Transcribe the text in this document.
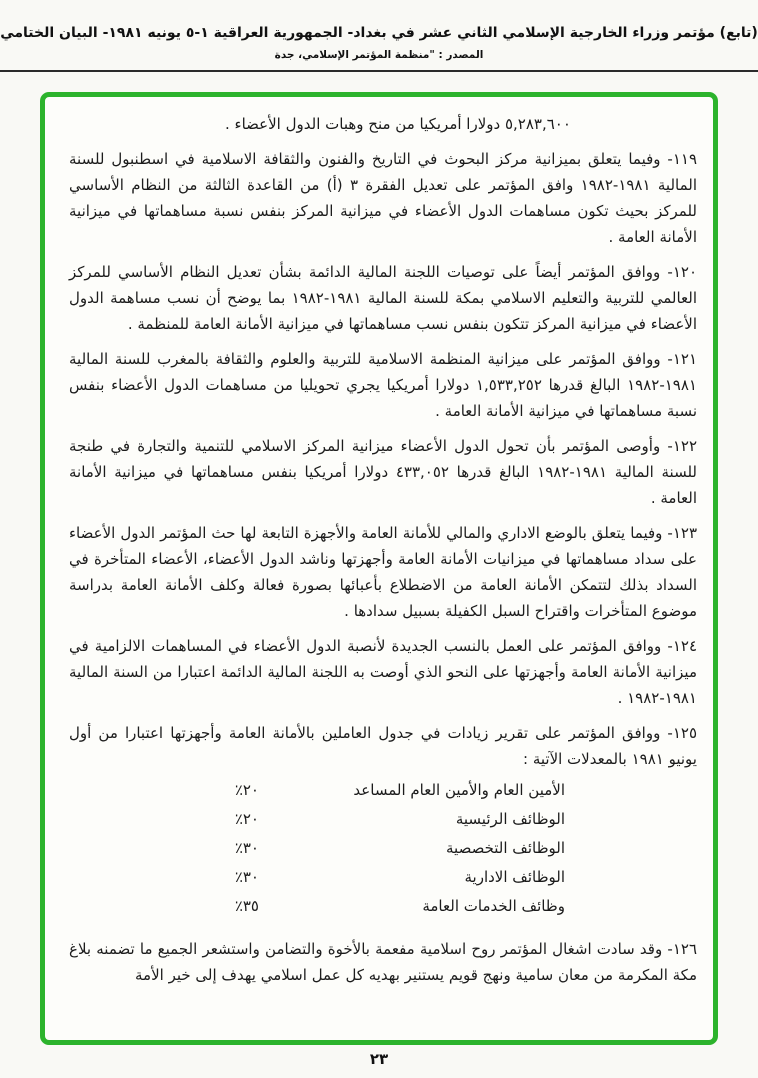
(تابع) مؤتمر وزراء الخارجية الإسلامي الثاني عشر في بغداد- الجمهورية العراقية ١-٥ يونيه ١٩٨١- البيان الختامي
المصدر : "منظمة المؤتمر الإسلامي، جدة

٥,٢٨٣,٦٠٠ دولارا أمريكيا من منح وهبات الدول الأعضاء .

١١٩- وفيما يتعلق بميزانية مركز البحوث في التاريخ والفنون والثقافة الاسلامية في اسطنبول للسنة المالية ١٩٨١-١٩٨٢ وافق المؤتمر على تعديل الفقرة ٣ (أ) من القاعدة الثالثة من النظام الأساسي للمركز بحيث تكون مساهمات الدول الأعضاء في ميزانية المركز بنفس نسبة مساهماتها في ميزانية الأمانة العامة .

١٢٠- ووافق المؤتمر أيضاً على توصيات اللجنة المالية الدائمة بشأن تعديل النظام الأساسي للمركز العالمي للتربية والتعليم الاسلامي بمكة للسنة المالية ١٩٨١-١٩٨٢ بما يوضح أن نسب مساهمة الدول الأعضاء في ميزانية المركز تتكون بنفس نسب مساهماتها في ميزانية الأمانة العامة للمنظمة .

١٢١- ووافق المؤتمر على ميزانية المنظمة الاسلامية للتربية والعلوم والثقافة بالمغرب للسنة المالية ١٩٨١-١٩٨٢ البالغ قدرها ١,٥٣٣,٢٥٢ دولارا أمريكيا يجري تحويليا من مساهمات الدول الأعضاء بنفس نسبة مساهماتها في ميزانية الأمانة العامة .

١٢٢- وأوصى المؤتمر بأن تحول الدول الأعضاء ميزانية المركز الاسلامي للتنمية والتجارة في طنجة للسنة المالية ١٩٨١-١٩٨٢ البالغ قدرها ٤٣٣,٠٥٢ دولارا أمريكيا بنفس مساهماتها في ميزانية الأمانة العامة .

١٢٣- وفيما يتعلق بالوضع الاداري والمالي للأمانة العامة والأجهزة التابعة لها حث المؤتمر الدول الأعضاء على سداد مساهماتها في ميزانيات الأمانة العامة وأجهزتها وناشد الدول الأعضاء، الأعضاء المتأخرة في السداد بذلك لتتمكن الأمانة العامة من الاضطلاع بأعبائها بصورة فعالة وكلف الأمانة العامة بدراسة موضوع المتأخرات واقتراح السبل الكفيلة بسبيل سدادها .

١٢٤- ووافق المؤتمر على العمل بالنسب الجديدة لأنصبة الدول الأعضاء في المساهمات الالزامية في ميزانية الأمانة العامة وأجهزتها على النحو الذي أوصت به اللجنة المالية الدائمة اعتبارا من السنة المالية ١٩٨١-١٩٨٢ .

١٢٥- ووافق المؤتمر على تقرير زيادات في جدول العاملين بالأمانة العامة وأجهزتها اعتبارا من أول يونيو ١٩٨١ بالمعدلات الآتية :

الأمين العام والأمين العام المساعد
٢٠٪
الوظائف الرئيسية
٢٠٪
الوظائف التخصصية
٣٠٪
الوظائف الادارية
٣٠٪
وظائف الخدمات العامة
٣٥٪

١٢٦- وقد سادت اشغال المؤتمر روح اسلامية مفعمة بالأخوة والتضامن واستشعر الجميع ما تضمنه بلاغ مكة المكرمة من معان سامية ونهج قويم يستنير بهديه كل عمل اسلامي يهدف إلى خير الأمة

٢٣
